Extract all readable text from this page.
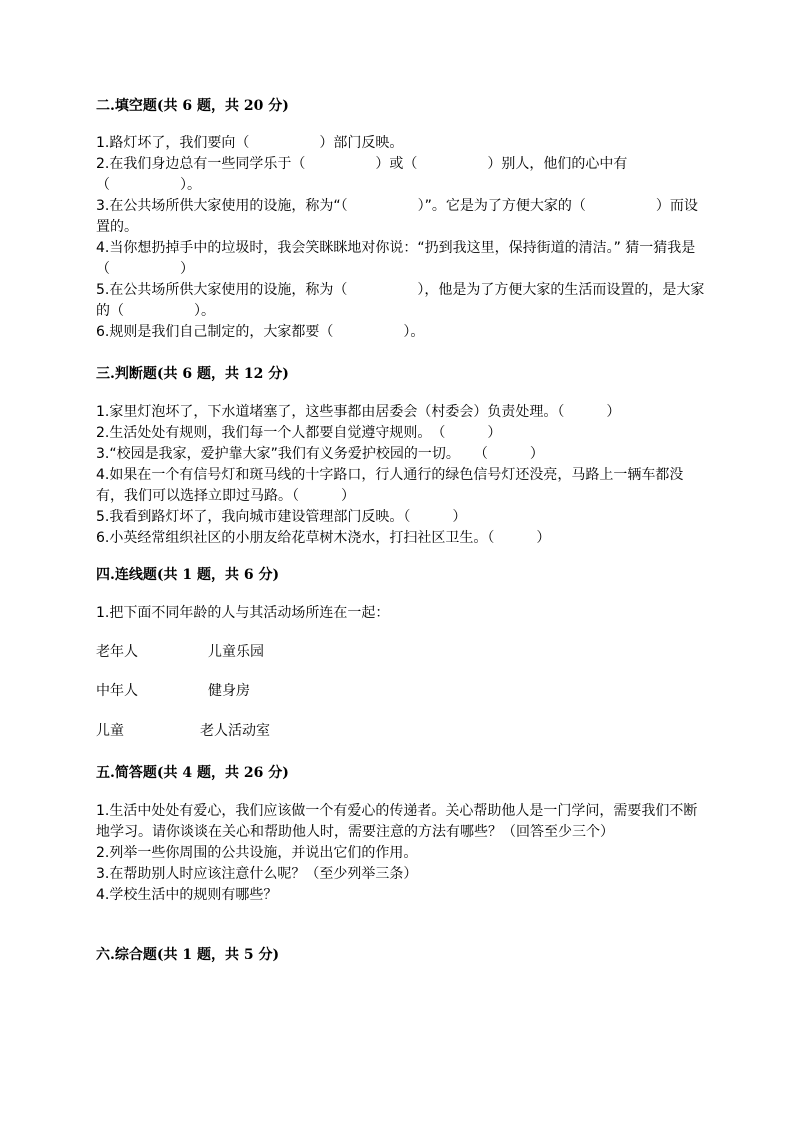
二.填空题(共 6 题，共 20 分)

1.路灯坏了，我们要向（　　　　　）部门反映。

2.在我们身边总有一些同学乐于（　　　　　）或（　　　　　）别人，他们的心中有（　　　　　）。

3.在公共场所供大家使用的设施，称为“（　　　　　）”。它是为了方便大家的（　　　　　）而设置的。

4.当你想扔掉手中的垃圾时，我会笑眯眯地对你说：“扔到我这里，保持街道的清洁。” 猜一猜我是（　　　　　）

5.在公共场所供大家使用的设施，称为（　　　　　），他是为了方便大家的生活而设置的，是大家的（　　　　　）。

6.规则是我们自己制定的，大家都要（　　　　　）。

三.判断题(共 6 题，共 12 分)

1.家里灯泡坏了，下水道堵塞了，这些事都由居委会（村委会）负责处理。（　　　）

2.生活处处有规则，我们每一个人都要自觉遵守规则。　（　　　）

3.“校园是我家，爱护靠大家”我们有义务爱护校园的一切。　　（　　　）

4.如果在一个有信号灯和斑马线的十字路口，行人通行的绿色信号灯还没亮，马路上一辆车都没有，我们可以选择立即过马路。（　　　）

5.我看到路灯坏了，我向城市建设管理部门反映。（　　　）

6.小英经常组织社区的小朋友给花草树木浇水，打扫社区卫生。（　　　）

四.连线题(共 1 题，共 6 分)

1.把下面不同年龄的人与其活动场所连在一起：

老年人	儿童乐园
中年人	健身房
儿童	老人活动室

五.简答题(共 4 题，共 26 分)

1.生活中处处有爱心，我们应该做一个有爱心的传递者。关心帮助他人是一门学问，需要我们不断地学习。请你谈谈在关心和帮助他人时，需要注意的方法有哪些？（回答至少三个）

2.列举一些你周围的公共设施，并说出它们的作用。

3.在帮助别人时应该注意什么呢？（至少列举三条）

4.学校生活中的规则有哪些？

六.综合题(共 1 题，共 5 分)
